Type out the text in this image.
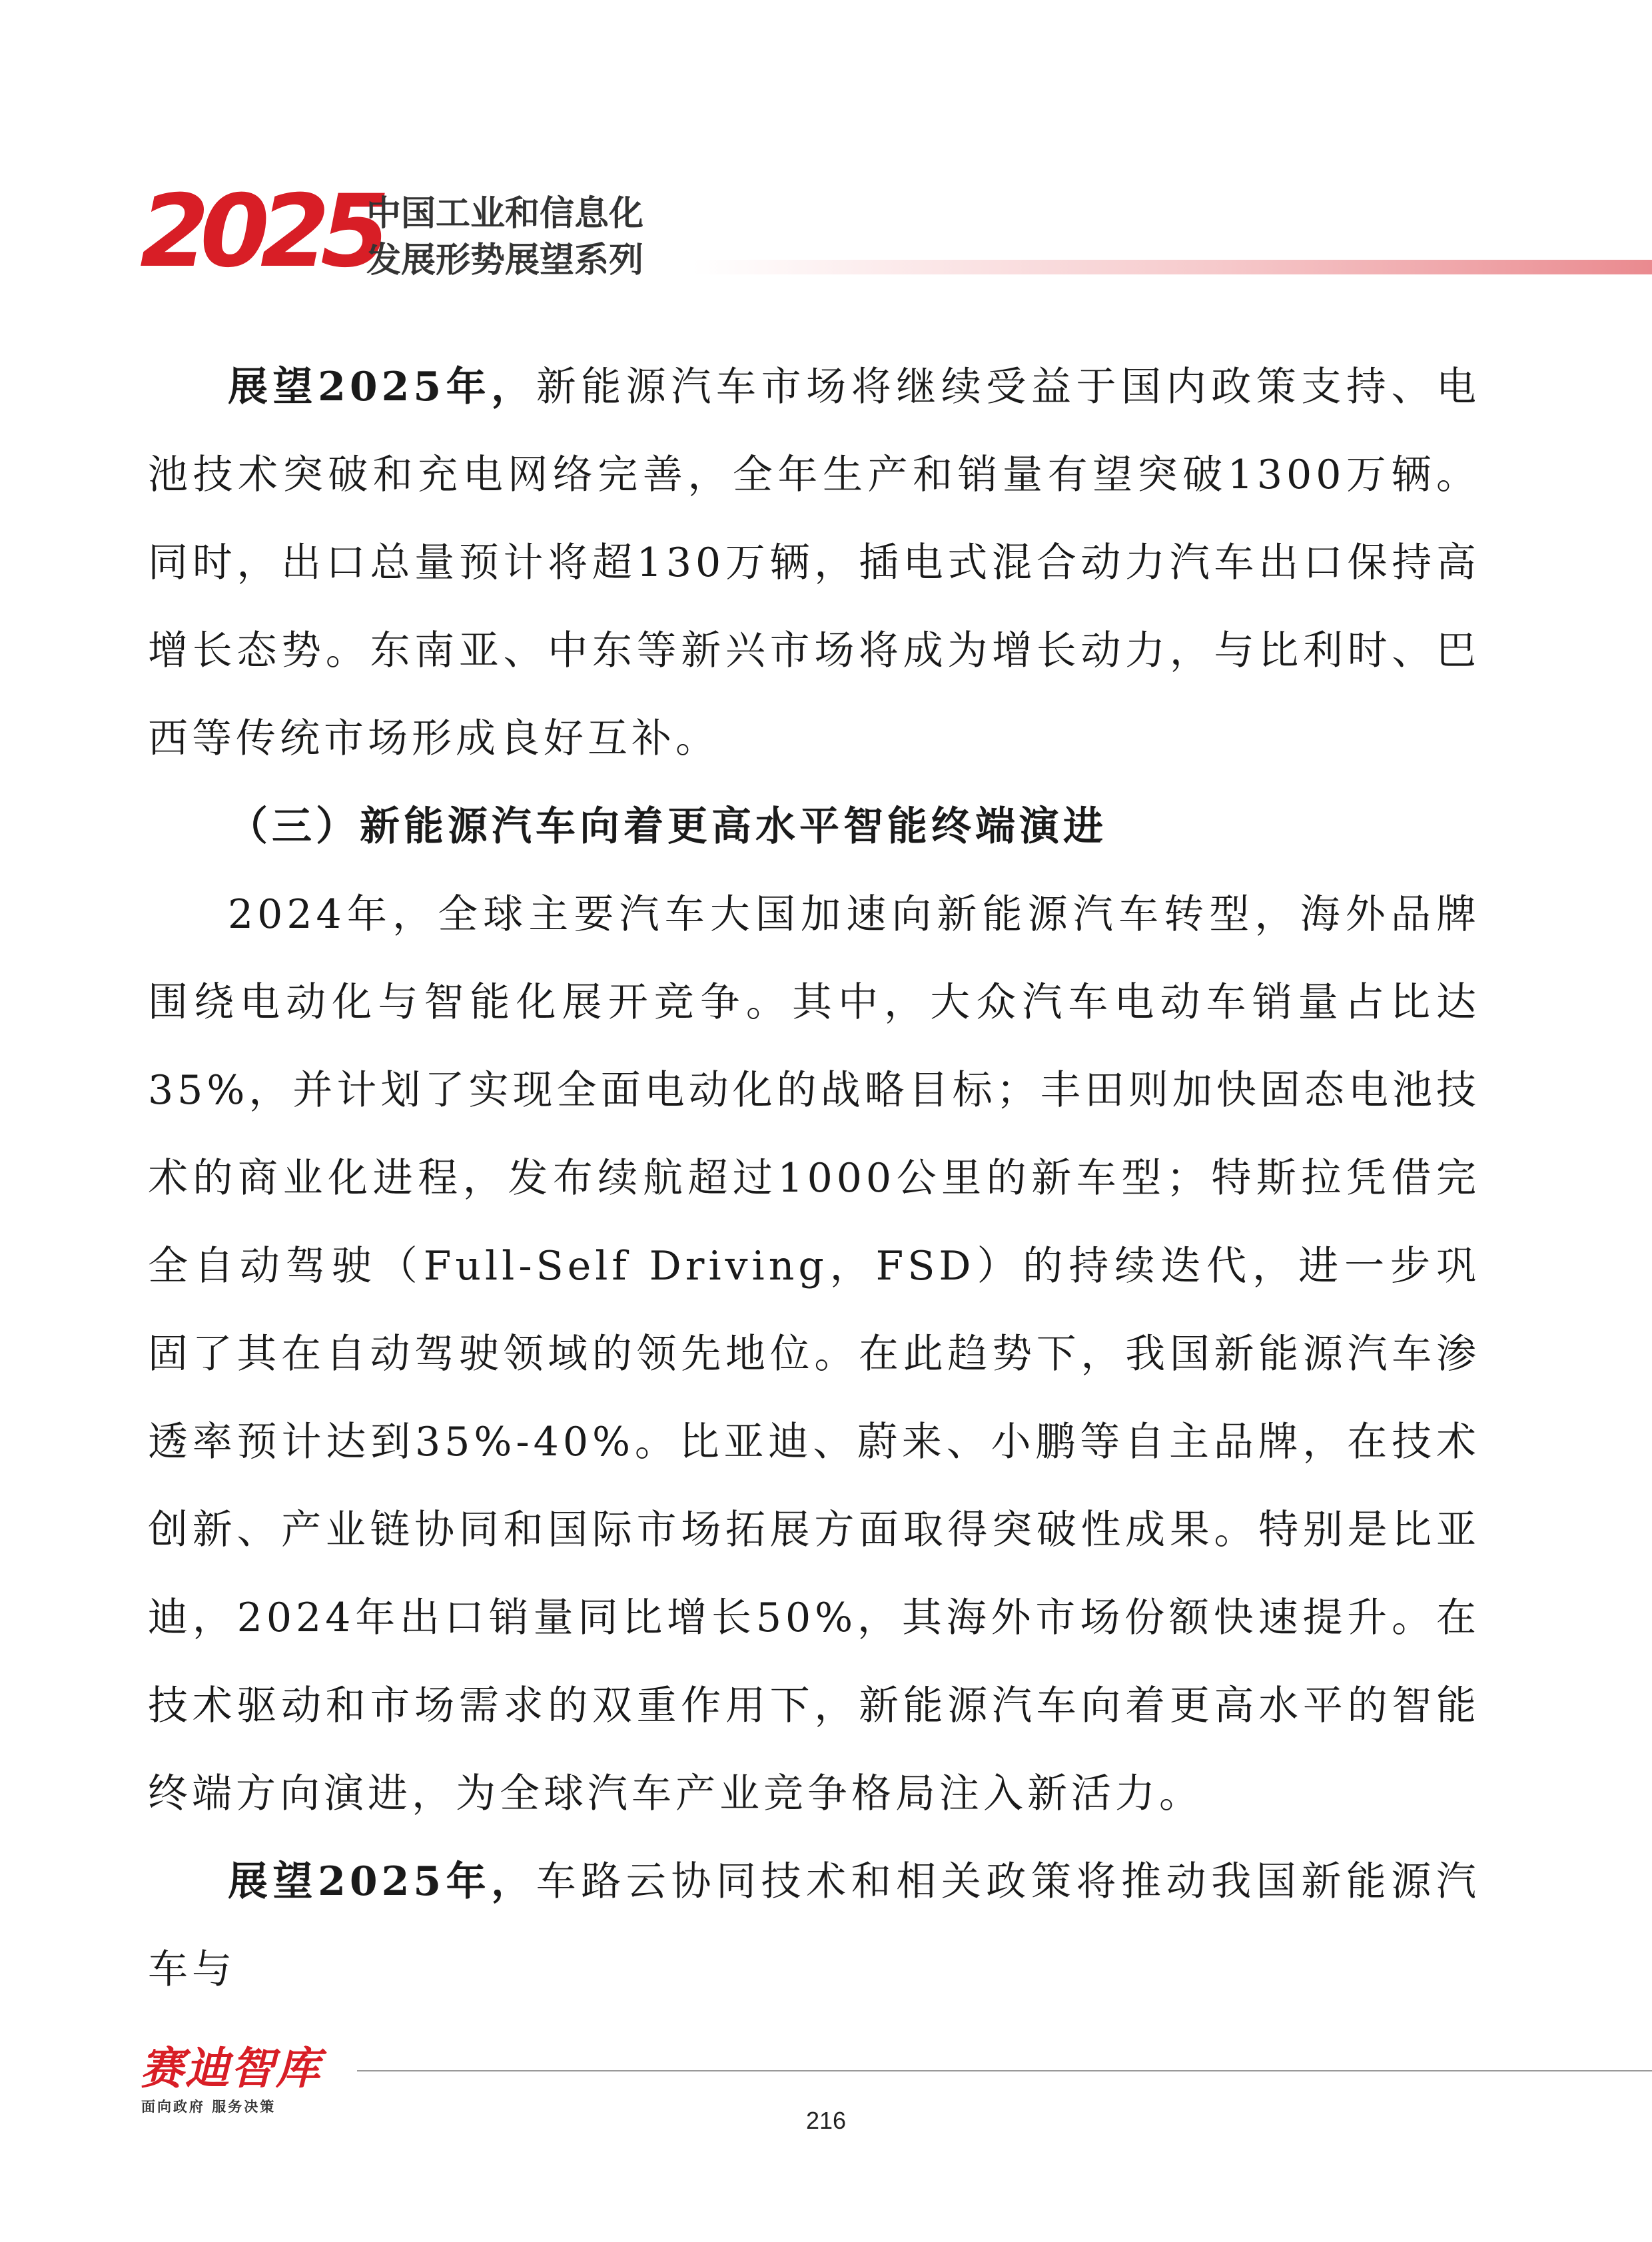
2025
中国工业和信息化
发展形势展望系列

展望2025年，新能源汽车市场将继续受益于国内政策支持、电池技术突破和充电网络完善，全年生产和销量有望突破1300万辆。同时，出口总量预计将超130万辆，插电式混合动力汽车出口保持高增长态势。东南亚、中东等新兴市场将成为增长动力，与比利时、巴西等传统市场形成良好互补。

（三）新能源汽车向着更高水平智能终端演进

2024年，全球主要汽车大国加速向新能源汽车转型，海外品牌围绕电动化与智能化展开竞争。其中，大众汽车电动车销量占比达35%，并计划了实现全面电动化的战略目标；丰田则加快固态电池技术的商业化进程，发布续航超过1000公里的新车型；特斯拉凭借完全自动驾驶（Full-Self Driving，FSD）的持续迭代，进一步巩固了其在自动驾驶领域的领先地位。在此趋势下，我国新能源汽车渗透率预计达到35%-40%。比亚迪、蔚来、小鹏等自主品牌，在技术创新、产业链协同和国际市场拓展方面取得突破性成果。特别是比亚迪，2024年出口销量同比增长50%，其海外市场份额快速提升。在技术驱动和市场需求的双重作用下，新能源汽车向着更高水平的智能终端方向演进，为全球汽车产业竞争格局注入新活力。

展望2025年，车路云协同技术和相关政策将推动我国新能源汽车与

赛迪智库
面向政府 服务决策	216
